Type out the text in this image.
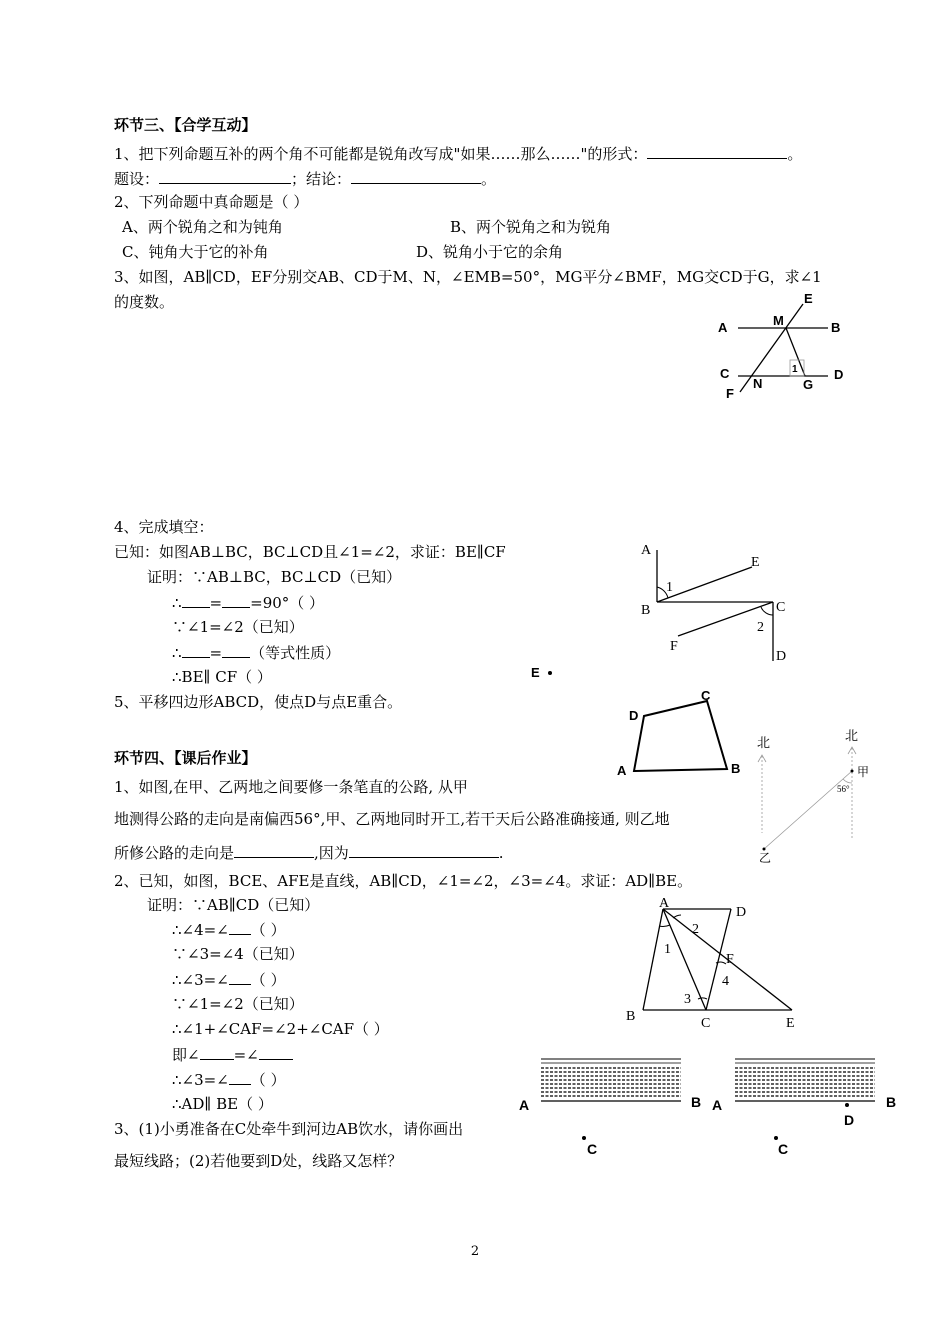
环节三、【合学互动】
1、把下列命题互补的两个角不可能都是锐角改写成"如果……那么……"的形式：	。
题设：	；结论：	。
2、下列命题中真命题是（ ）
A、两个锐角之和为钝角	B、两个锐角之和为锐角
C、钝角大于它的补角	D、锐角小于它的余角
3、如图，AB∥CD，EF分别交AB、CD于M、N，∠EMB=50°，MG平分∠BMF，MG交CD于G，求∠1
的度数。
A	B
C	D
E
F
M
N	G
1
4、完成填空：
已知：如图AB⊥BC，BC⊥CD且∠1=∠2，求证：BE∥CF
证明：∵AB⊥BC，BC⊥CD（已知）
∴ = =90°（ ）
∵∠1=∠2（已知）
∴ = （等式性质）
∴BE∥ CF（ ）
A
B	C
D
E
F
1
2
5、平移四边形ABCD，使点D与点E重合。
E
A	B
C
D
环节四、【课后作业】
1、如图,在甲、乙两地之间要修一条笔直的公路, 从甲
地测得公路的走向是南偏西56°,甲、乙两地同时开工,若干天后公路准确接通, 则乙地
所修公路的走向是	,因为	.
北	北
甲
乙
56°
2、已知，如图，BCE、AFE是直线，AB∥CD，∠1=∠2，∠3=∠4。求证：AD∥BE。
证明：∵AB∥CD（已知）
∴∠4=∠ （ ）
∵∠3=∠4（已知）
∴∠3=∠ （ ）
∵∠1=∠2（已知）
∴∠1+∠CAF=∠2+∠CAF（ ）
即∠ =∠
∴∠3=∠ （ ）
∴AD∥ BE（ ）
A
B	C
D
E
F
1
2
3
4
3、(1)小勇准备在C处牵牛到河边AB饮水，请你画出
最短线路；(2)若他要到D处，线路又怎样？
A	B
C
A	B
D
C
2
